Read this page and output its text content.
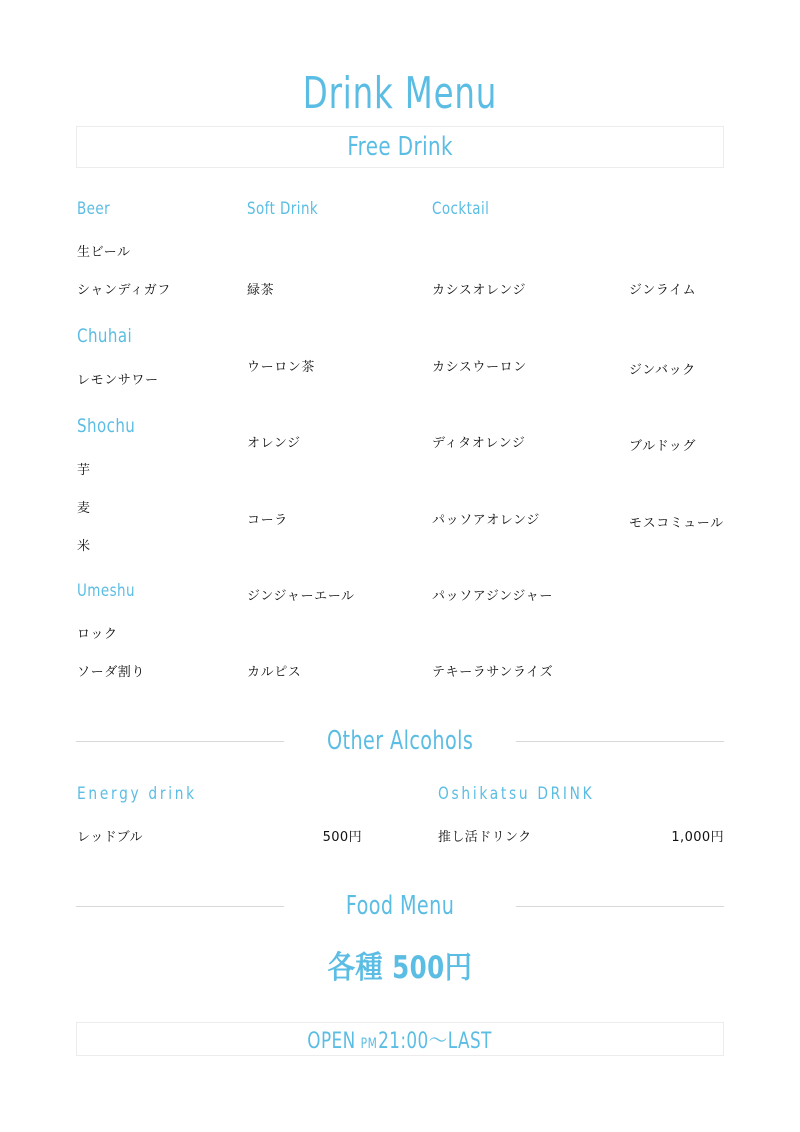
Drink Menu
Free Drink
Beer
生ビール
シャンディガフ
Chuhai
レモンサワー
Shochu
芋
麦
米
Umeshu
ロック
ソーダ割り
Soft Drink
緑茶
ウーロン茶
オレンジ
コーラ
ジンジャーエール
カルピス
Cocktail
カシスオレンジ
カシスウーロン
ディタオレンジ
パッソアオレンジ
パッソアジンジャー
テキーラサンライズ
ジンライム
ジンバック
ブルドッグ
モスコミュール
Other Alcohols
Energy drink
レッドブル	500円
Oshikatsu DRINK
推し活ドリンク	1,000円
Food Menu
各種 500円
OPEN PM21:00～LAST
